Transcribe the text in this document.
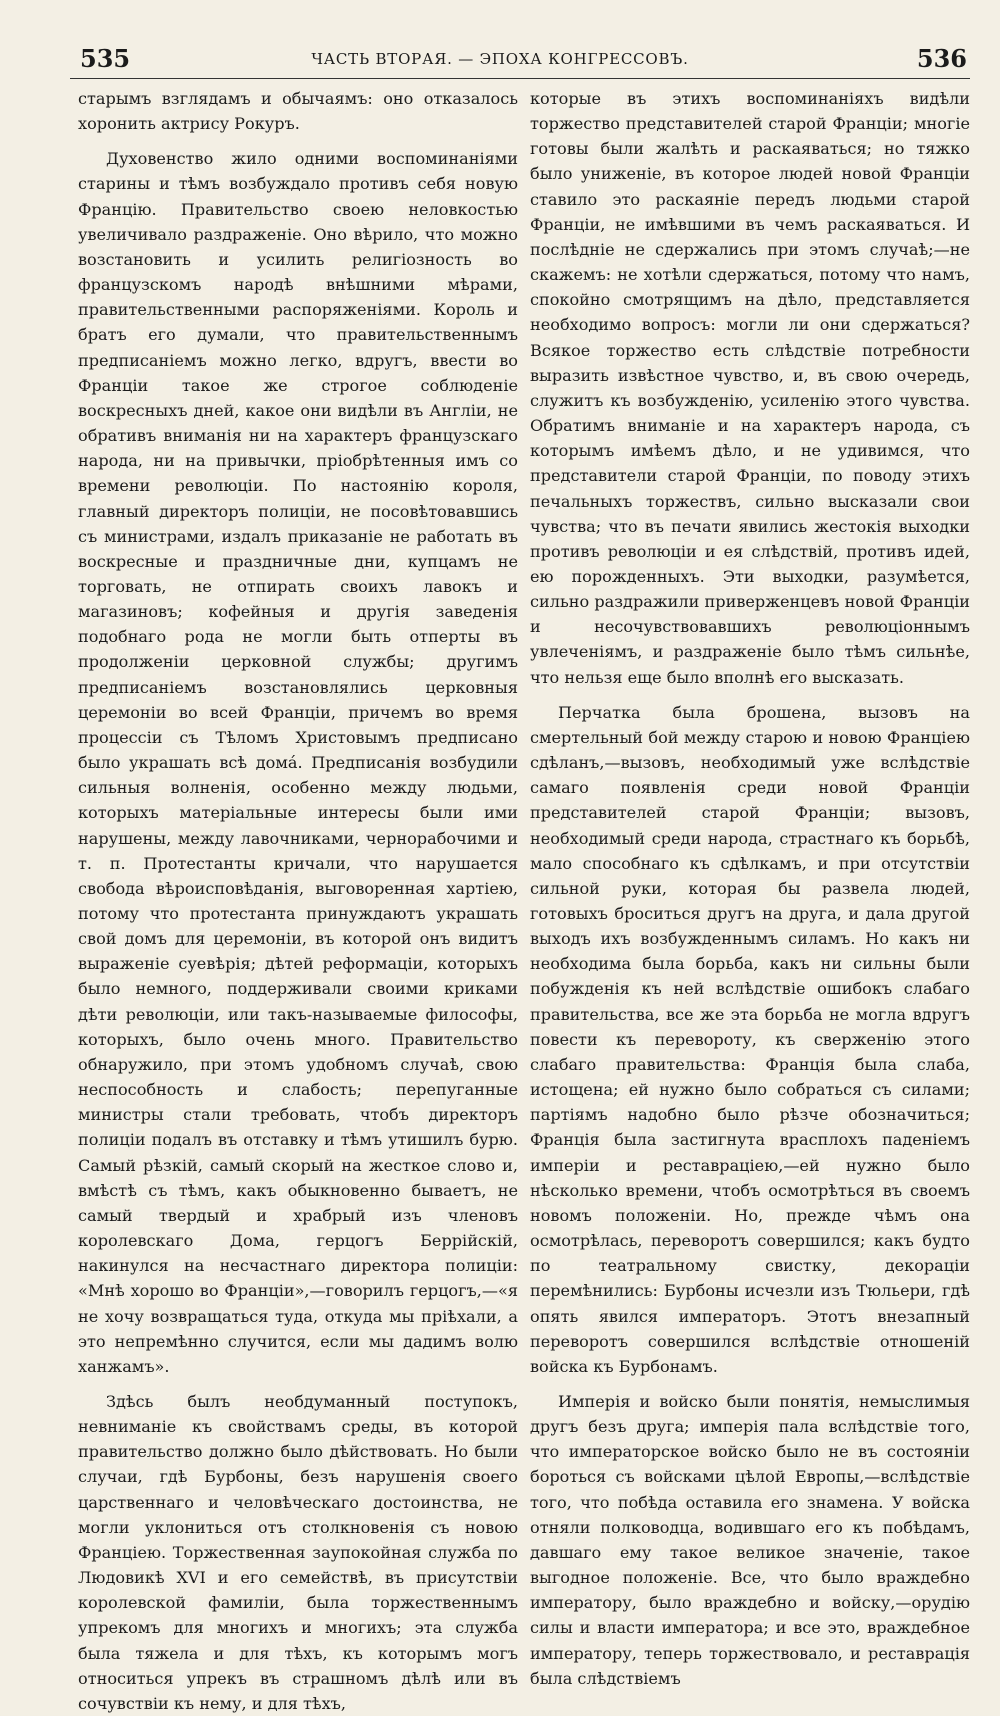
535	ЧАСТЬ ВТОРАЯ. — ЭПОХА КОНГРЕССОВЪ.	536

старымъ взглядамъ и обычаямъ: оно отказалось хоронить актрису Рокуръ.

Духовенство жило одними воспоминаніями старины и тѣмъ возбуждало противъ себя новую Францію. Правительство своею неловкостью увеличивало раздраженіе. Оно вѣрило, что можно возстановить и усилить религіозность во французскомъ народѣ внѣшними мѣрами, правительственными распоряженіями. Король и братъ его думали, что правительственнымъ предписаніемъ можно легко, вдругъ, ввести во Франціи такое же строгое соблюденіе воскресныхъ дней, какое они видѣли въ Англіи, не обративъ вниманія ни на характеръ французскаго народа, ни на привычки, пріобрѣтенныя имъ со времени революціи. По настоянію короля, главный директоръ полиціи, не посовѣтовавшись съ министрами, издалъ приказаніе не работать въ воскресные и праздничные дни, купцамъ не торговать, не отпирать своихъ лавокъ и магазиновъ; кофейныя и другія заведенія подобнаго рода не могли быть отперты въ продолженіи церковной службы; другимъ предписаніемъ возстановлялись церковныя церемоніи во всей Франціи, причемъ во время процессіи съ Тѣломъ Христовымъ предписано было украшать всѣ дома́. Предписанія возбудили сильныя волненія, особенно между людьми, которыхъ матеріальные интересы были ими нарушены, между лавочниками, чернорабочими и т. п. Протестанты кричали, что нарушается свобода вѣроисповѣданія, выговоренная хартіею, потому что протестанта принуждаютъ украшать свой домъ для церемоніи, въ которой онъ видитъ выраженіе суевѣрія; дѣтей реформаціи, которыхъ было немного, поддерживали своими криками дѣти революціи, или такъ-называемые философы, которыхъ, было очень много. Правительство обнаружило, при этомъ удобномъ случаѣ, свою неспособность и слабость; перепуганные министры стали требовать, чтобъ директоръ полиціи подалъ въ отставку и тѣмъ утишилъ бурю. Самый рѣзкій, самый скорый на жесткое слово и, вмѣстѣ съ тѣмъ, какъ обыкновенно бываетъ, не самый твердый и храбрый изъ членовъ королевскаго Дома, герцогъ Беррійскій, накинулся на несчастнаго директора полиціи: «Мнѣ хорошо во Франціи»,—говорилъ герцогъ,—«я не хочу возвращаться туда, откуда мы пріѣхали, а это непремѣнно случится, если мы дадимъ волю ханжамъ».

Здѣсь былъ необдуманный поступокъ, невниманіе къ свойствамъ среды, въ которой правительство должно было дѣйствовать. Но были случаи, гдѣ Бурбоны, безъ нарушенія своего царственнаго и человѣческаго достоинства, не могли уклониться отъ столкновенія съ новою Франціею. Торжественная заупокойная служба по Людовикѣ XVI и его семействѣ, въ присутствіи королевской фамиліи, была торжественнымъ упрекомъ для многихъ и многихъ; эта служба была тяжела и для тѣхъ, къ которымъ могъ относиться упрекъ въ страшномъ дѣлѣ или въ сочувствіи къ нему, и для тѣхъ,

которые въ этихъ воспоминаніяхъ видѣли торжество представителей старой Франціи; многіе готовы были жалѣть и раскаяваться; но тяжко было униженіе, въ которое людей новой Франціи ставило это раскаяніе передъ людьми старой Франціи, не имѣвшими въ чемъ раскаяваться. И послѣдніе не сдержались при этомъ случаѣ;—не скажемъ: не хотѣли сдержаться, потому что намъ, спокойно смотрящимъ на дѣло, представляется необходимо вопросъ: могли ли они сдержаться? Всякое торжество есть слѣдствіе потребности выразить извѣстное чувство, и, въ свою очередь, служитъ къ возбужденію, усиленію этого чувства. Обратимъ вниманіе и на характеръ народа, съ которымъ имѣемъ дѣло, и не удивимся, что представители старой Франціи, по поводу этихъ печальныхъ торжествъ, сильно высказали свои чувства; что въ печати явились жестокія выходки противъ революціи и ея слѣдствій, противъ идей, ею порожденныхъ. Эти выходки, разумѣется, сильно раздражили приверженцевъ новой Франціи и несочувствовавшихъ революціоннымъ увлеченіямъ, и раздраженіе было тѣмъ сильнѣе, что нельзя еще было вполнѣ его высказать.

Перчатка была брошена, вызовъ на смертельный бой между старою и новою Франціею сдѣланъ,—вызовъ, необходимый уже вслѣдствіе самаго появленія среди новой Франціи представителей старой Франціи; вызовъ, необходимый среди народа, страстнаго къ борьбѣ, мало способнаго къ сдѣлкамъ, и при отсутствіи сильной руки, которая бы развела людей, готовыхъ броситься другъ на друга, и дала другой выходъ ихъ возбужденнымъ силамъ. Но какъ ни необходима была борьба, какъ ни сильны были побужденія къ ней вслѣдствіе ошибокъ слабаго правительства, все же эта борьба не могла вдругъ повести къ перевороту, къ сверженію этого слабаго правительства: Франція была слаба, истощена; ей нужно было собраться съ силами; партіямъ надобно было рѣзче обозначиться; Франція была застигнута врасплохъ паденіемъ имперіи и реставраціею,—ей нужно было нѣсколько времени, чтобъ осмотрѣться въ своемъ новомъ положеніи. Но, прежде чѣмъ она осмотрѣлась, переворотъ совершился; какъ будто по театральному свистку, декораціи перемѣнились: Бурбоны исчезли изъ Тюльери, гдѣ опять явился императоръ. Этотъ внезапный переворотъ совершился вслѣдствіе отношеній войска къ Бурбонамъ.

Имперія и войско были понятія, немыслимыя другъ безъ друга; имперія пала вслѣдствіе того, что императорское войско было не въ состояніи бороться съ войсками цѣлой Европы,—вслѣдствіе того, что побѣда оставила его знамена. У войска отняли полководца, водившаго его къ побѣдамъ, давшаго ему такое великое значеніе, такое выгодное положеніе. Все, что было враждебно императору, было враждебно и войску,—орудію силы и власти императора; и все это, враждебное императору, теперь торжествовало, и реставрація была слѣдствіемъ
